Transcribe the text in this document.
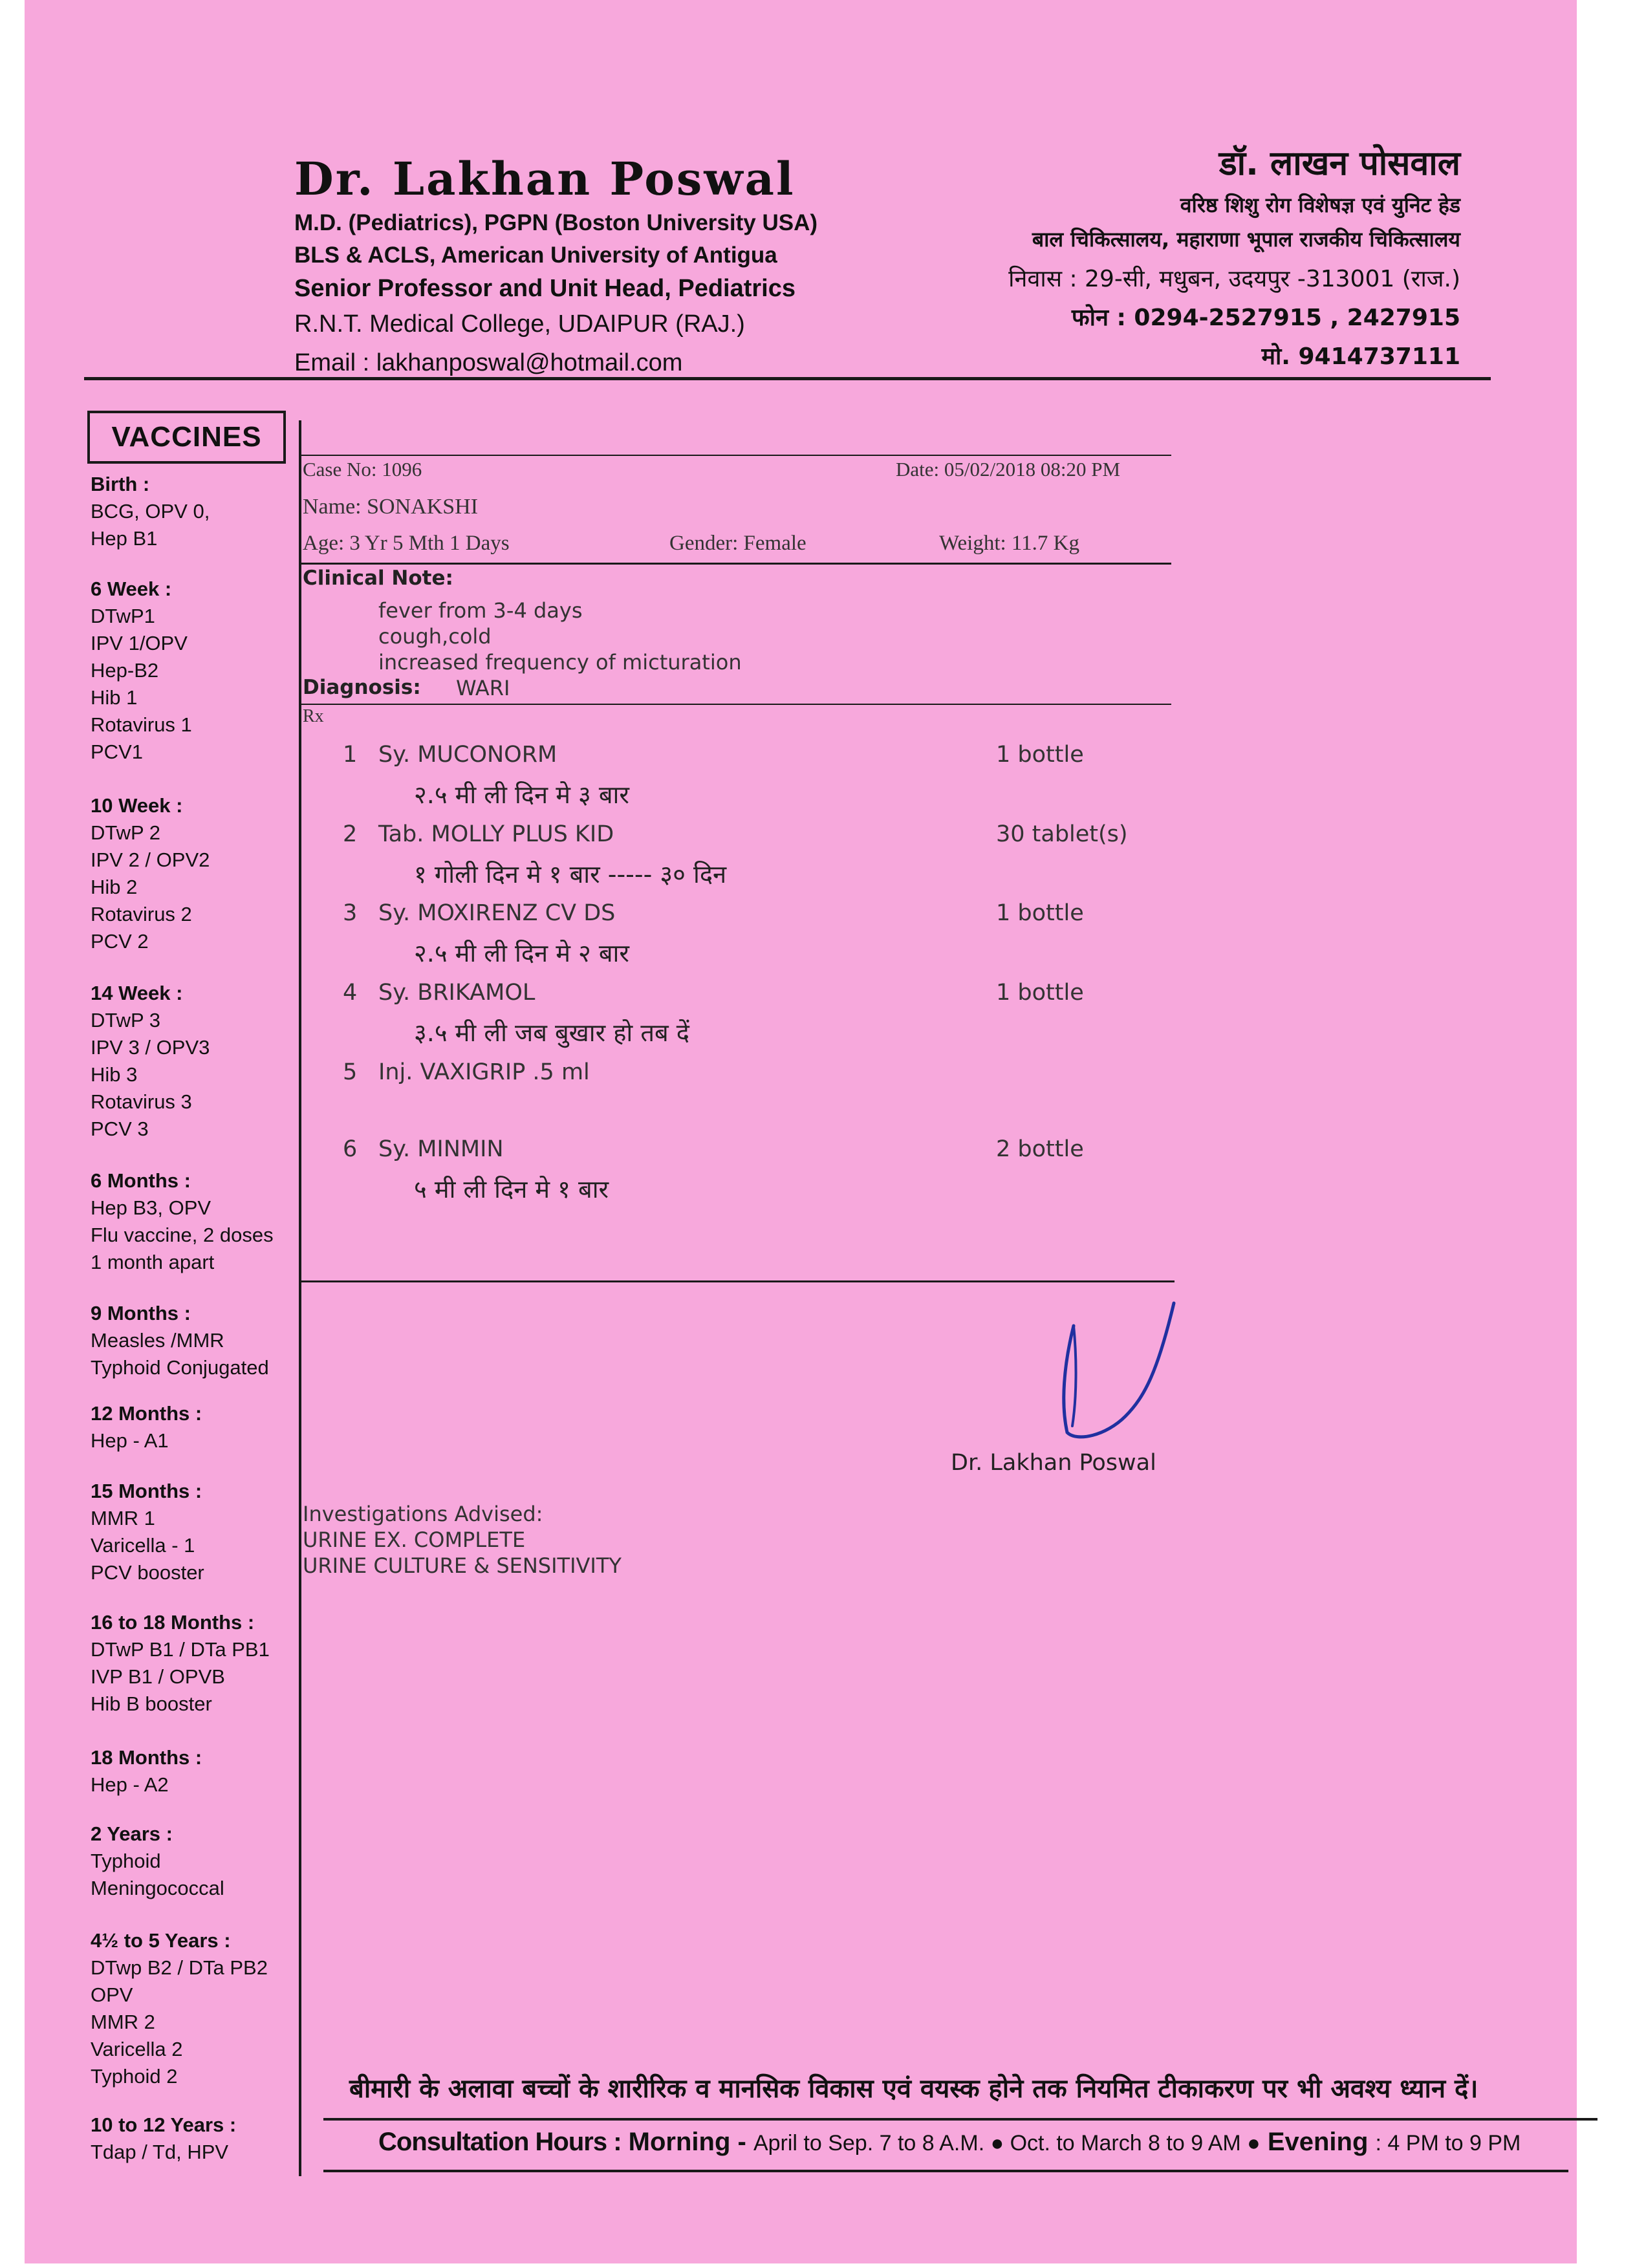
Dr. Lakhan Poswal
M.D. (Pediatrics), PGPN (Boston University USA)
BLS & ACLS, American University of Antigua
Senior Professor and Unit Head, Pediatrics
R.N.T. Medical College, UDAIPUR (RAJ.)
Email : lakhanposwal@hotmail.com
डॉ. लाखन पोसवाल
वरिष्ठ शिशु रोग विशेषज्ञ एवं युनिट हेड
बाल चिकित्सालय, महाराणा भूपाल राजकीय चिकित्सालय
निवास : 29-सी, मधुबन, उदयपुर -313001 (राज.)
फोन : 0294-2527915 , 2427915
मो. 9414737111
VACCINES
Birth :
BCG, OPV 0,
Hep B1
6 Week :
DTwP1
IPV 1/OPV
Hep-B2
Hib 1
Rotavirus 1
PCV1
10 Week :
DTwP 2
IPV 2 / OPV2
Hib 2
Rotavirus 2
PCV 2
14 Week :
DTwP 3
IPV 3 / OPV3
Hib 3
Rotavirus 3
PCV 3
6 Months :
Hep B3, OPV
Flu vaccine, 2 doses
1 month apart
9 Months :
Measles /MMR
Typhoid Conjugated
12 Months :
Hep - A1
15 Months :
MMR 1
Varicella - 1
PCV booster
16 to 18 Months :
DTwP B1 / DTa PB1
IVP B1 / OPVB
Hib B booster
18 Months :
Hep - A2
2 Years :
Typhoid
Meningococcal
4½ to 5 Years :
DTwp B2 / DTa PB2
OPV
MMR 2
Varicella 2
Typhoid 2
10 to 12 Years :
Tdap / Td, HPV
Case No: 1096	Date: 05/02/2018 08:20 PM
Name: SONAKSHI
Age: 3 Yr 5 Mth 1 Days	Gender: Female	Weight: 11.7 Kg
Clinical Note:
fever from 3-4 days
cough,cold
increased frequency of micturation
Diagnosis: WARI
Rx
1 Sy. MUCONORM	1 bottle
२.५ मी ली दिन मे ३ बार
2 Tab. MOLLY PLUS KID	30 tablet(s)
१ गोली दिन मे १ बार ----- ३० दिन
3 Sy. MOXIRENZ CV DS	1 bottle
२.५ मी ली दिन मे २ बार
4 Sy. BRIKAMOL	1 bottle
३.५ मी ली जब बुखार हो तब दें
5 Inj. VAXIGRIP .5 ml
6 Sy. MINMIN	2 bottle
५ मी ली दिन मे १ बार
Dr. Lakhan Poswal
Investigations Advised:
URINE EX. COMPLETE
URINE CULTURE & SENSITIVITY
बीमारी के अलावा बच्चों के शारीरिक व मानसिक विकास एवं वयस्क होने तक नियमित टीकाकरण पर भी अवश्य ध्यान दें।
Consultation Hours : Morning - April to Sep. 7 to 8 A.M. ● Oct. to March 8 to 9 AM ● Evening : 4 PM to 9 PM
